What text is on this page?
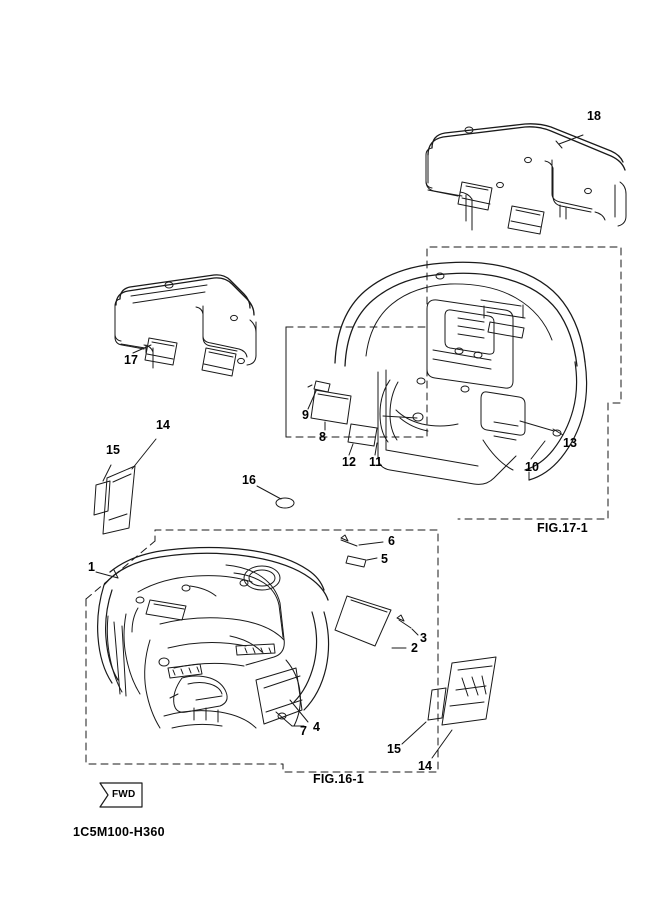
18
17
9
8
12 11	10
13
14
15
16
1
6
5
3
2
7 4
15
14
FIG.17-1
FIG.16-1
FWD
1C5M100-H360
